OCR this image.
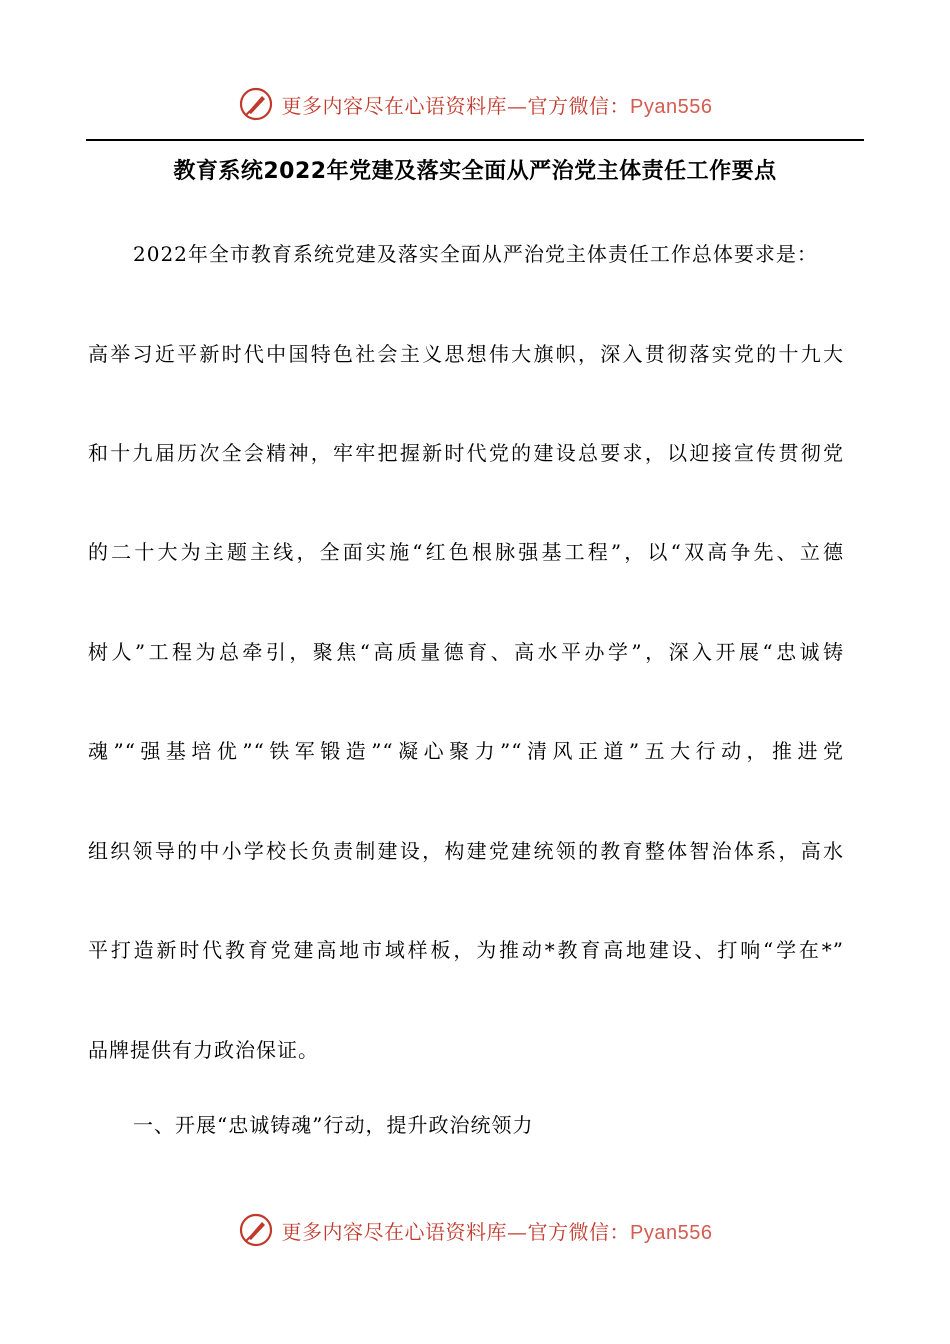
更多内容尽在心语资料库—官方微信：Pyan556
教育系统2022年党建及落实全面从严治党主体责任工作要点
2022年全市教育系统党建及落实全面从严治党主体责任工作总体要求是：
高举习近平新时代中国特色社会主义思想伟大旗帜，深入贯彻落实党的十九大
和十九届历次全会精神，牢牢把握新时代党的建设总要求，以迎接宣传贯彻党
的二十大为主题主线，全面实施“红色根脉强基工程”，以“双高争先、立德
树人”工程为总牵引，聚焦“高质量德育、高水平办学”，深入开展“忠诚铸
魂”“强基培优”“铁军锻造”“凝心聚力”“清风正道”五大行动，推进党
组织领导的中小学校长负责制建设，构建党建统领的教育整体智治体系，高水
平打造新时代教育党建高地市域样板，为推动*教育高地建设、打响“学在*”
品牌提供有力政治保证。
一、开展“忠诚铸魂”行动，提升政治统领力
更多内容尽在心语资料库—官方微信：Pyan556
